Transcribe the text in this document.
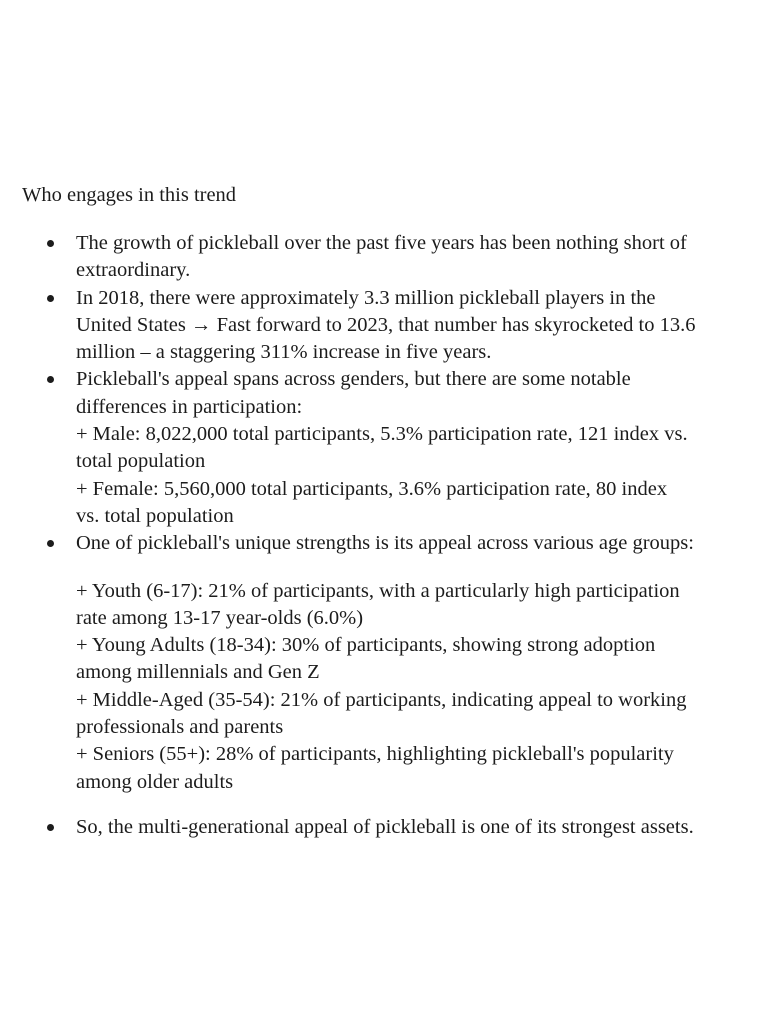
Who engages in this trend
The growth of pickleball over the past five years has been nothing short of
extraordinary.
In 2018, there were approximately 3.3 million pickleball players in the
United States → Fast forward to 2023, that number has skyrocketed to 13.6
million – a staggering 311% increase in five years.
Pickleball's appeal spans across genders, but there are some notable
differences in participation:
+ Male: 8,022,000 total participants, 5.3% participation rate, 121 index vs.
total population
+ Female: 5,560,000 total participants, 3.6% participation rate, 80 index
vs. total population
One of pickleball's unique strengths is its appeal across various age groups:
+ Youth (6-17): 21% of participants, with a particularly high participation
rate among 13-17 year-olds (6.0%)
+ Young Adults (18-34): 30% of participants, showing strong adoption
among millennials and Gen Z
+ Middle-Aged (35-54): 21% of participants, indicating appeal to working
professionals and parents
+ Seniors (55+): 28% of participants, highlighting pickleball's popularity
among older adults
So, the multi-generational appeal of pickleball is one of its strongest assets.
